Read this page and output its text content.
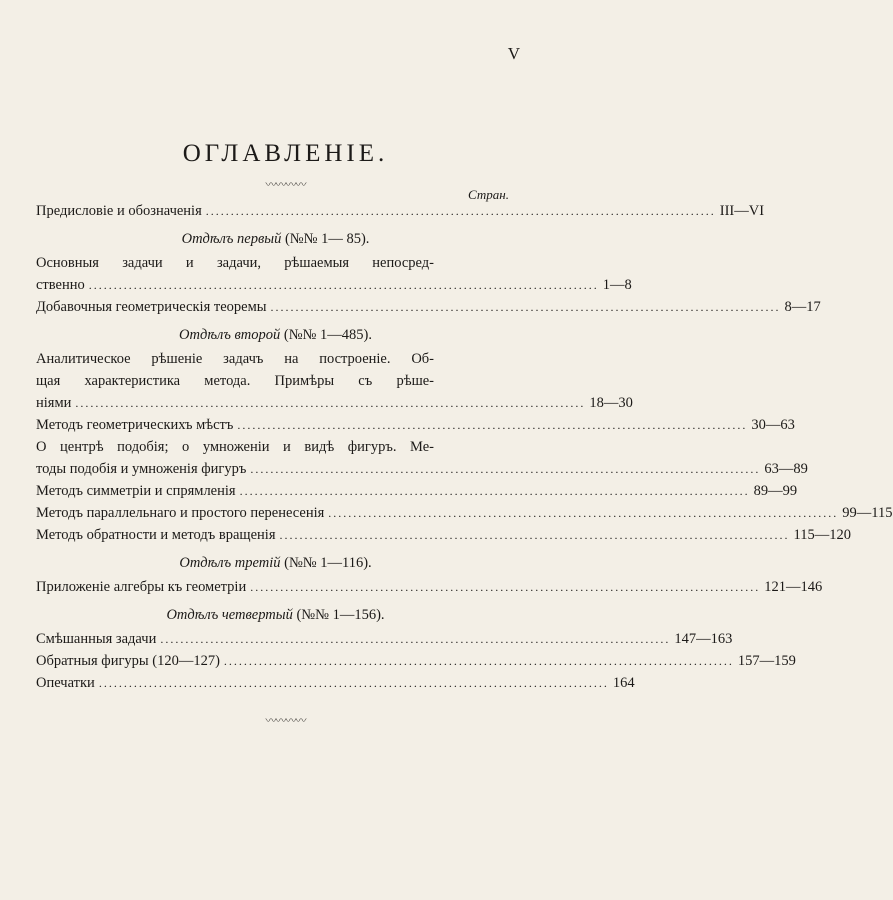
V
ОГЛАВЛЕНIЕ.
〰〰〰〰
Стран.
Предисловiе и обозначенiя ...................................................................................................... III—VI
Отдѣлъ первый (№№ 1— 85).
Основныя задачи и задачи, рѣшаемыя непосред-
ственно ...................................................................................................... 1—8
Добавочныя геометрическiя теоремы ...................................................................................................... 8—17
Отдѣлъ второй (№№ 1—485).
Аналитическое рѣшенiе задачъ на построенiе. Об-
щая характеристика метода. Примѣры съ рѣше-
нiями ...................................................................................................... 18—30
Методъ геометрическихъ мѣстъ ...................................................................................................... 30—63
О центрѣ подобiя; о умноженiи и видѣ фигуръ. Ме-
тоды подобiя и умноженiя фигуръ ...................................................................................................... 63—89
Методъ симметрiи и спрямленiя ...................................................................................................... 89—99
Методъ параллельнаго и простого перенесенiя ...................................................................................................... 99—115
Методъ обратности и методъ вращенiя ...................................................................................................... 115—120
Отдѣлъ третiй (№№ 1—116).
Приложенiе алгебры къ геометрiи ...................................................................................................... 121—146
Отдѣлъ четвертый (№№ 1—156).
Смѣшанныя задачи ...................................................................................................... 147—163
Обратныя фигуры (120—127) ...................................................................................................... 157—159
Опечатки ...................................................................................................... 164
〰〰〰〰
